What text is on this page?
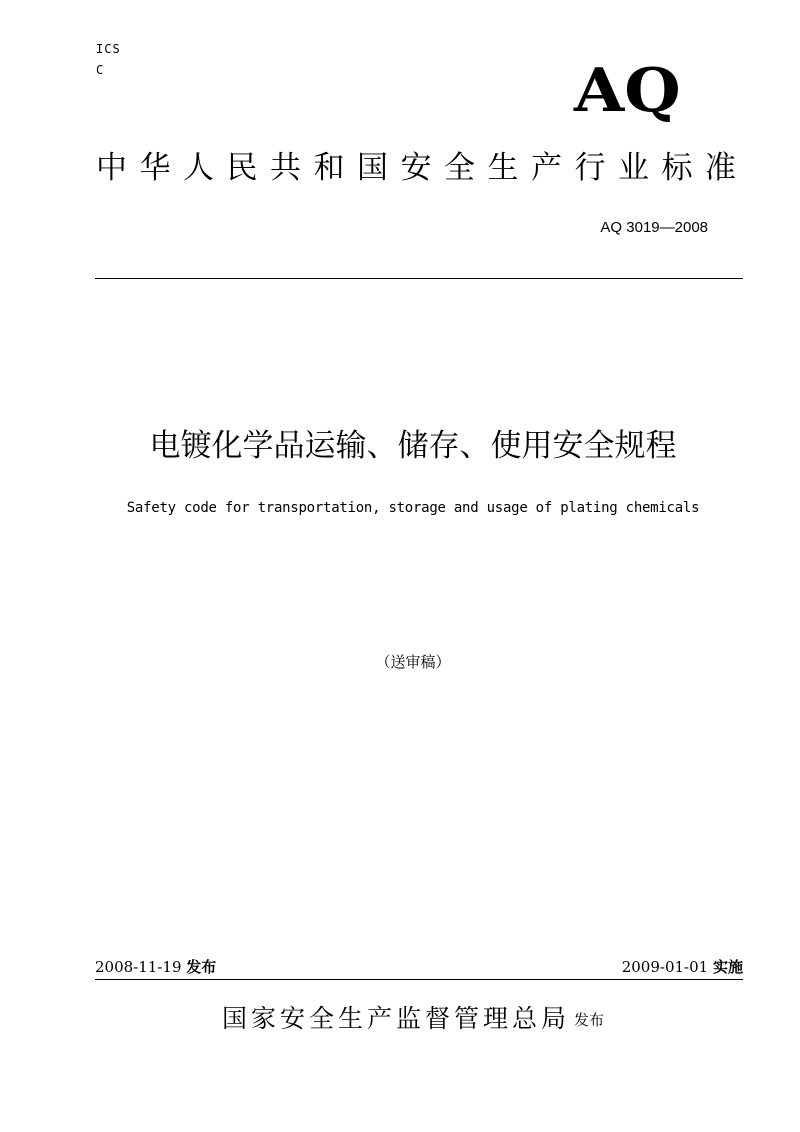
ICS
C	AQ
中华人民共和国安全生产行业标准
AQ 3019—2008
电镀化学品运输、储存、使用安全规程
Safety code for transportation, storage and usage of plating chemicals
（送审稿）
2008-11-19 发布	2009-01-01 实施
国家安全生产监督管理总局 发布
